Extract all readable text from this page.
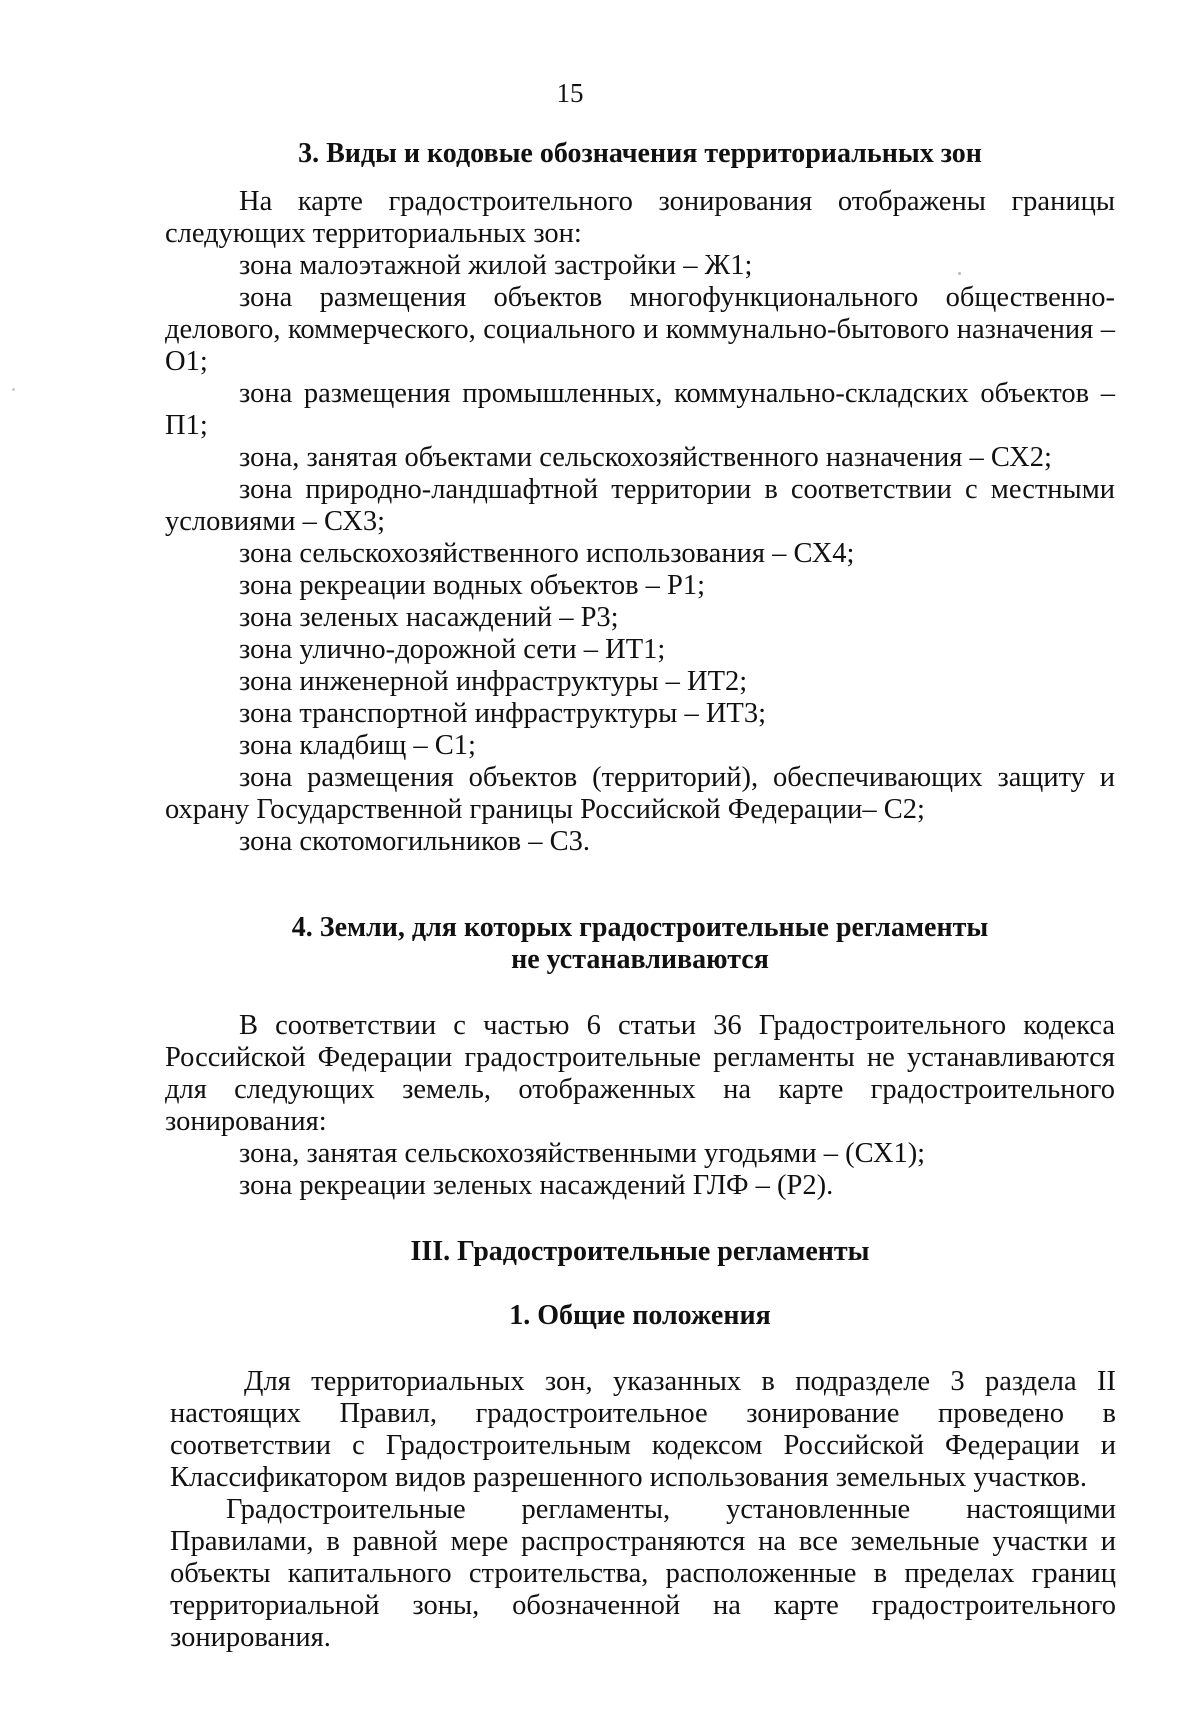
15
3. Виды и кодовые обозначения территориальных зон

На карте градостроительного зонирования отображены границы следующих территориальных зон:

зона малоэтажной жилой застройки – Ж1;
зона размещения объектов многофункционального общественно-делового, коммерческого, социального и коммунально-бытового назначения – О1;
зона размещения промышленных, коммунально-складских объектов – П1;
зона, занятая объектами сельскохозяйственного назначения – СХ2;
зона природно-ландшафтной территории в соответствии с местными условиями – СХ3;
зона сельскохозяйственного использования – СХ4;
зона рекреации водных объектов – Р1;
зона зеленых насаждений – Р3;
зона улично-дорожной сети – ИТ1;
зона инженерной инфраструктуры – ИТ2;
зона транспортной инфраструктуры – ИТ3;
зона кладбищ – С1;
зона размещения объектов (территорий), обеспечивающих защиту и охрану Государственной границы Российской Федерации– С2;
зона скотомогильников – С3.
4. Земли, для которых градостроительные регламенты
не устанавливаются

В соответствии с частью 6 статьи 36 Градостроительного кодекса Российской Федерации градостроительные регламенты не устанавливаются для следующих земель, отображенных на карте градостроительного зонирования:

зона, занятая сельскохозяйственными угодьями – (СХ1);
зона рекреации зеленых насаждений ГЛФ – (Р2).
III. Градостроительные регламенты
1. Общие положения

Для территориальных зон, указанных в подразделе 3 раздела II настоящих Правил, градостроительное зонирование проведено в соответствии с Градостроительным кодексом Российской Федерации и Классификатором видов разрешенного использования земельных участков.

Градостроительные регламенты, установленные настоящими Правилами, в равной мере распространяются на все земельные участки и объекты капитального строительства, расположенные в пределах границ территориальной зоны, обозначенной на карте градостроительного зонирования.
